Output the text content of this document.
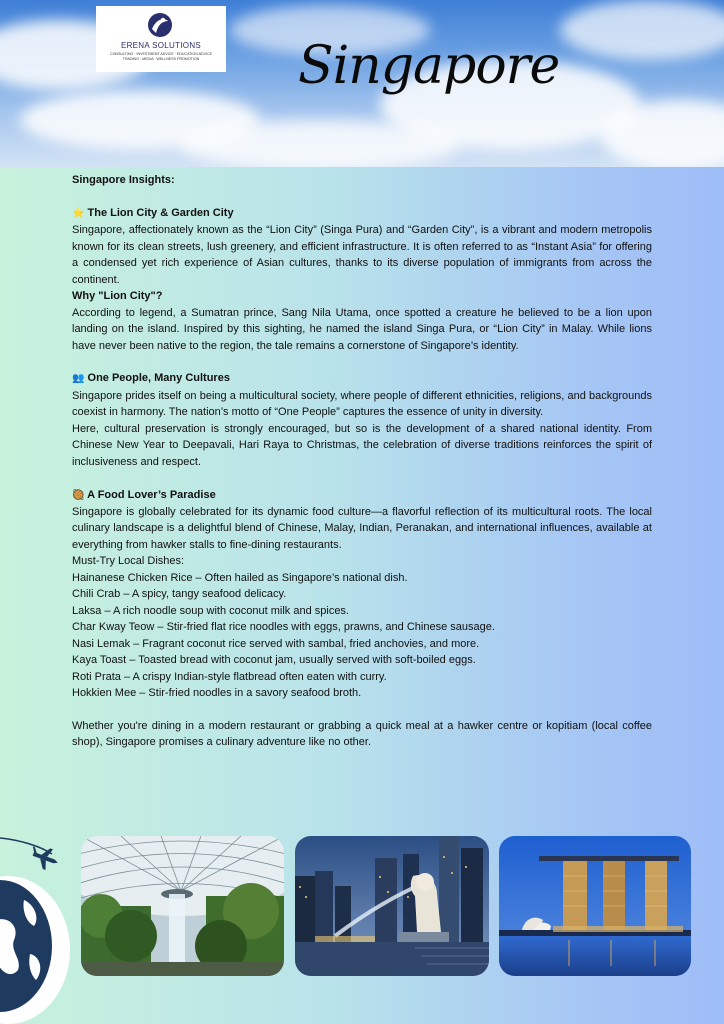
ERENA SOLUTIONS
CONSULTING · INVESTMENT ADVICE · EDUCATION ADVICE
TRADING · MEDIA · WELLNESS PROMOTION	Singapore

Singapore Insights:

⭐ The Lion City & Garden City

Singapore, affectionately known as the “Lion City” (Singa Pura) and “Garden City”, is a vibrant and modern metropolis known for its clean streets, lush greenery, and efficient infrastructure. It is often referred to as “Instant Asia” for offering a condensed yet rich experience of Asian cultures, thanks to its diverse population of immigrants from across the continent.

Why "Lion City"?

According to legend, a Sumatran prince, Sang Nila Utama, once spotted a creature he believed to be a lion upon landing on the island. Inspired by this sighting, he named the island Singa Pura, or “Lion City” in Malay. While lions have never been native to the region, the tale remains a cornerstone of Singapore’s identity.

👥 One People, Many Cultures

Singapore prides itself on being a multicultural society, where people of different ethnicities, religions, and backgrounds coexist in harmony. The nation’s motto of “One People” captures the essence of unity in diversity.

Here, cultural preservation is strongly encouraged, but so is the development of a shared national identity. From Chinese New Year to Deepavali, Hari Raya to Christmas, the celebration of diverse traditions reinforces the spirit of inclusiveness and respect.

🥘 A Food Lover’s Paradise

Singapore is globally celebrated for its dynamic food culture—a flavorful reflection of its multicultural roots. The local culinary landscape is a delightful blend of Chinese, Malay, Indian, Peranakan, and international influences, available at everything from hawker stalls to fine-dining restaurants.

Must-Try Local Dishes:

Hainanese Chicken Rice – Often hailed as Singapore’s national dish.

Chili Crab – A spicy, tangy seafood delicacy.

Laksa – A rich noodle soup with coconut milk and spices.

Char Kway Teow – Stir-fried flat rice noodles with eggs, prawns, and Chinese sausage.

Nasi Lemak – Fragrant coconut rice served with sambal, fried anchovies, and more.

Kaya Toast – Toasted bread with coconut jam, usually served with soft-boiled eggs.

Roti Prata – A crispy Indian-style flatbread often eaten with curry.

Hokkien Mee – Stir-fried noodles in a savory seafood broth.

Whether you're dining in a modern restaurant or grabbing a quick meal at a hawker centre or kopitiam (local coffee shop), Singapore promises a culinary adventure like no other.
